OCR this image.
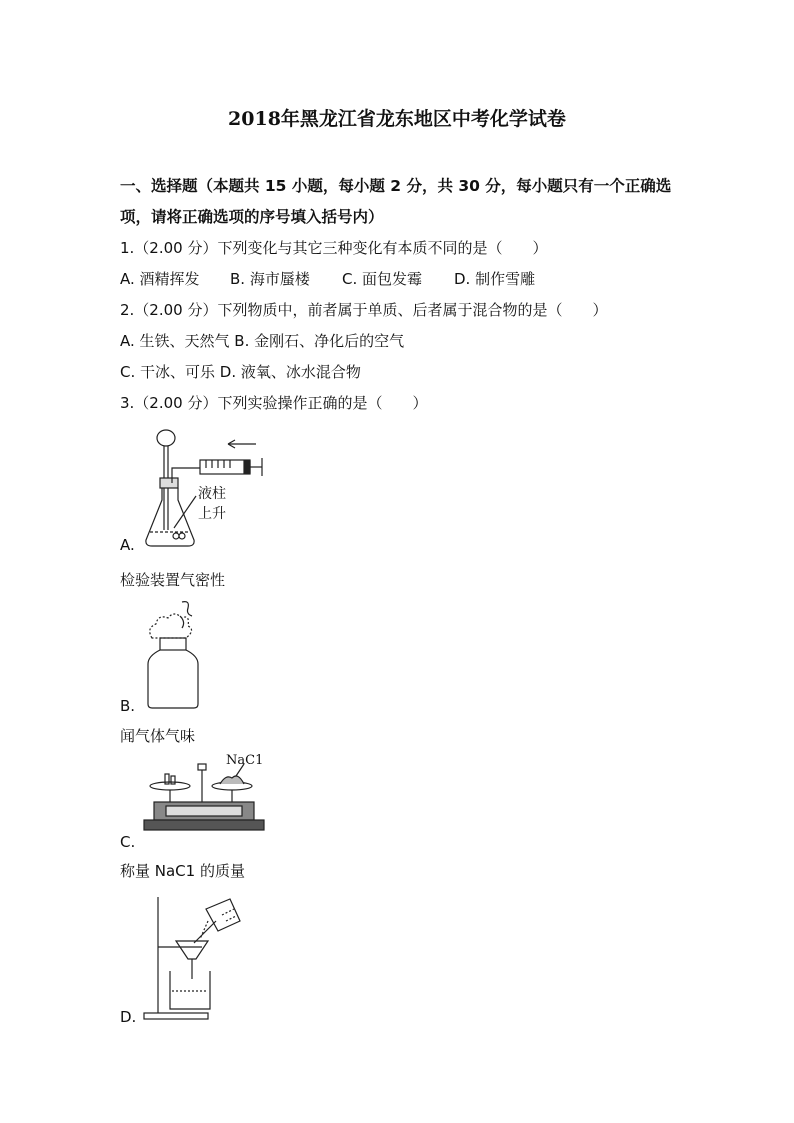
2018年黑龙江省龙东地区中考化学试卷
一、选择题（本题共 15 小题，每小题 2 分，共 30 分，每小题只有一个正确选
项，请将正确选项的序号填入括号内）
1.（2.00 分）下列变化与其它三种变化有本质不同的是（　　）
A. 酒精挥发 B. 海市蜃楼 C. 面包发霉 D. 制作雪雕
2.（2.00 分）下列物质中，前者属于单质、后者属于混合物的是（　　）
A. 生铁、天然气 B. 金刚石、净化后的空气
C. 干冰、可乐 D. 液氧、冰水混合物
3.（2.00 分）下列实验操作正确的是（　　）
液柱
上升
A.
检验装置气密性
B.
闻气体气味
NaC1
C.
称量 NaC1 的质量
D.
